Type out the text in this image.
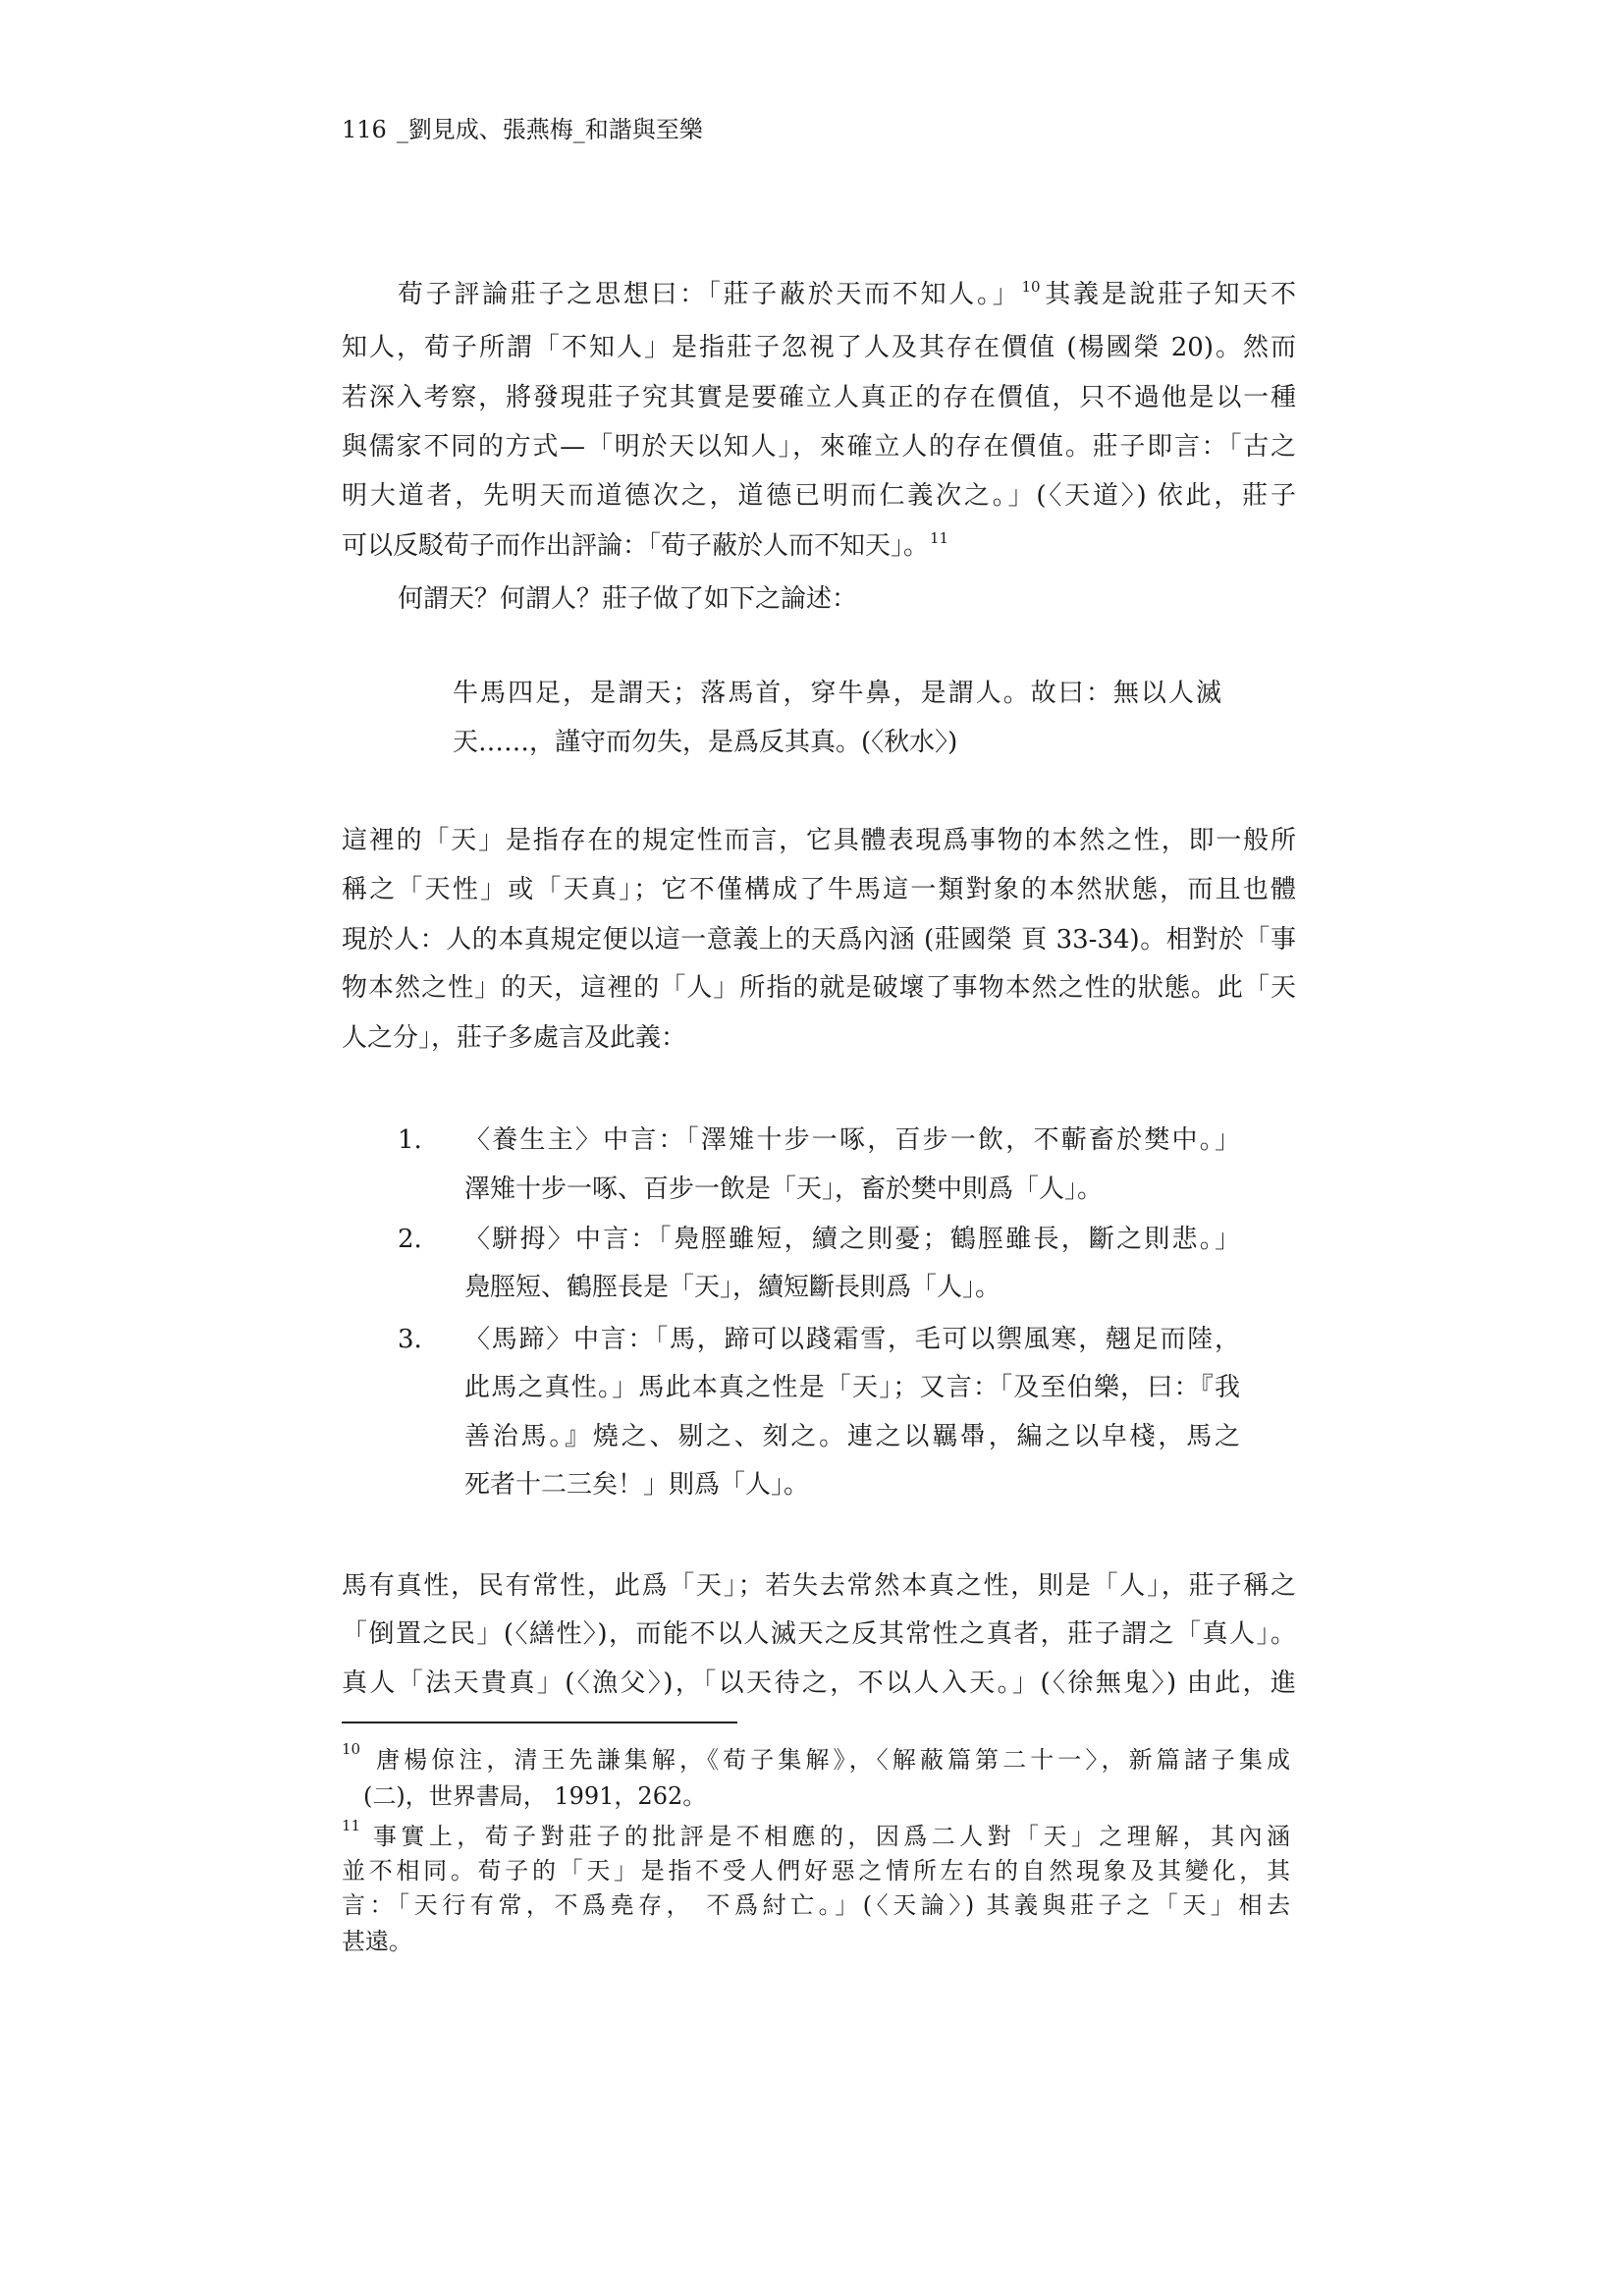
116 _劉見成、張燕梅_和諧與至樂
荀子評論莊子之思想曰：「莊子蔽於天而不知人。」$^{10}$其義是說莊子知天不
知人，荀子所謂「不知人」是指莊子忽視了人及其存在價值 (楊國榮 20)。然而
若深入考察，將發現莊子究其實是要確立人真正的存在價值，只不過他是以一種
與儒家不同的方式—「明於天以知人」，來確立人的存在價值。莊子即言：「古之
明大道者，先明天而道德次之，道德已明而仁義次之。」(〈天道〉) 依此，莊子
可以反駁荀子而作出評論：「荀子蔽於人而不知天」。$^{11}$
何謂天？何謂人？莊子做了如下之論述：
牛馬四足，是謂天；落馬首，穿牛鼻，是謂人。故曰：無以人滅
天……，謹守而勿失，是爲反其真。(〈秋水〉)
這裡的「天」是指存在的規定性而言，它具體表現爲事物的本然之性，即一般所
稱之「天性」或「天真」；它不僅構成了牛馬這一類對象的本然狀態，而且也體
現於人：人的本真規定便以這一意義上的天爲內涵 (莊國榮 頁 33-34)。相對於「事
物本然之性」的天，這裡的「人」所指的就是破壞了事物本然之性的狀態。此「天
人之分」，莊子多處言及此義：
1. 〈養生主〉中言：「澤雉十步一啄，百步一飲，不蘄畜於樊中。」
澤雉十步一啄、百步一飲是「天」，畜於樊中則爲「人」。
2. 〈駢拇〉中言：「鳧脛雖短，續之則憂；鶴脛雖長，斷之則悲。」
鳧脛短、鶴脛長是「天」，續短斷長則爲「人」。
3. 〈馬蹄〉中言：「馬，蹄可以踐霜雪，毛可以禦風寒，翹足而陸，
此馬之真性。」馬此本真之性是「天」；又言：「及至伯樂，曰：『我
善治馬。』燒之、剔之、刻之。連之以羈馽，編之以皁棧，馬之
死者十二三矣！」則爲「人」。
馬有真性，民有常性，此爲「天」；若失去常然本真之性，則是「人」，莊子稱之
「倒置之民」(〈繕性〉)，而能不以人滅天之反其常性之真者，莊子謂之「真人」。
真人「法天貴真」(〈漁父〉)，「以天待之，不以人入天。」(〈徐無鬼〉) 由此，進
10 唐楊倞注，清王先謙集解，《荀子集解》，〈解蔽篇第二十一〉，新篇諸子集成
(二)，世界書局， 1991，262。
11 事實上，荀子對莊子的批評是不相應的，因爲二人對「天」之理解，其內涵
並不相同。荀子的「天」是指不受人們好惡之情所左右的自然現象及其變化，其
言：「天行有常，不爲堯存， 不爲紂亡。」(〈天論〉) 其義與莊子之「天」相去
甚遠。
